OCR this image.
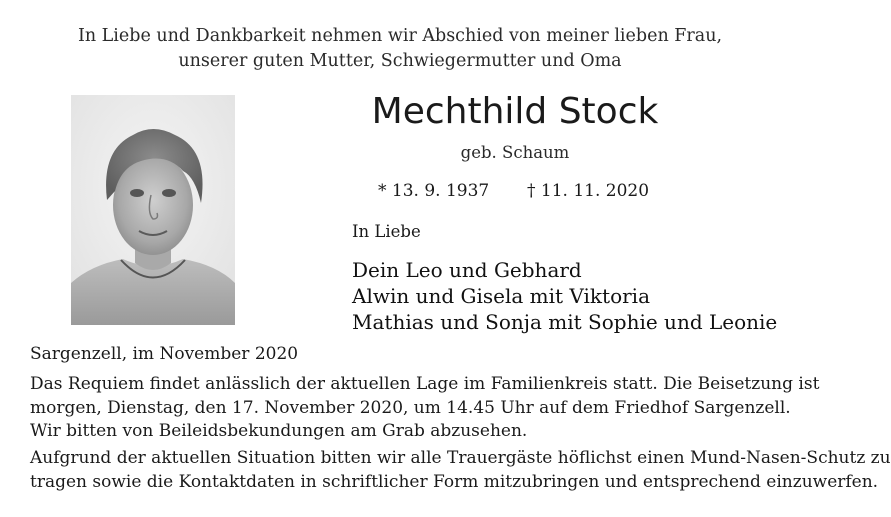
In Liebe und Dankbarkeit nehmen wir Abschied von meiner lieben Frau,
unserer guten Mutter, Schwiegermutter und Oma
Mechthild Stock
geb. Schaum
* 13. 9. 1937 † 11. 11. 2020
In Liebe
Dein Leo und Gebhard
Alwin und Gisela mit Viktoria
Mathias und Sonja mit Sophie und Leonie
Sargenzell, im November 2020
Das Requiem findet anlässlich der aktuellen Lage im Familienkreis statt. Die Beisetzung ist
morgen, Dienstag, den 17. November 2020, um 14.45 Uhr auf dem Friedhof Sargenzell.
Wir bitten von Beileidsbekundungen am Grab abzusehen.
Aufgrund der aktuellen Situation bitten wir alle Trauergäste höflichst einen Mund-Nasen-Schutz zu
tragen sowie die Kontaktdaten in schriftlicher Form mitzubringen und entsprechend einzuwerfen.
